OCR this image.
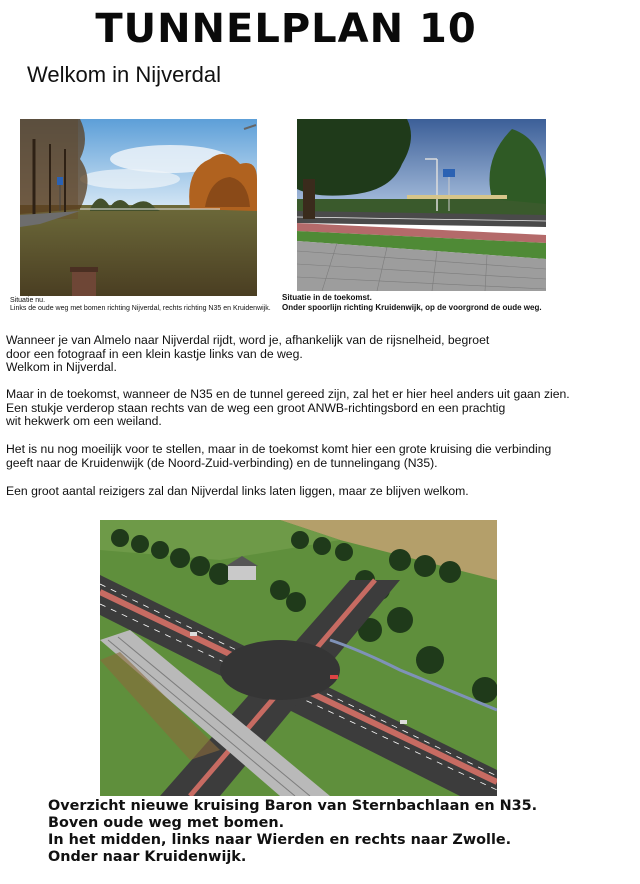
TUNNELPLAN 10
Welkom in Nijverdal
Situatie nu.
Links de oude weg met bomen richting Nijverdal, rechts richting N35 en Kruidenwijk.
Situatie in de toekomst.
Onder spoorlijn richting Kruidenwijk, op de voorgrond de oude weg.
Wanneer je van Almelo naar Nijverdal rijdt, word je, afhankelijk van de rijsnelheid, begroet
door een fotograaf in een klein kastje links van de weg.
Welkom in Nijverdal.
Maar in de toekomst, wanneer de N35 en de tunnel gereed zijn, zal het er hier heel anders uit gaan zien.
Een stukje verderop staan rechts van de weg een groot ANWB-richtingsbord en een prachtig
wit hekwerk om een weiland.
Het is nu nog moeilijk voor te stellen, maar in de toekomst komt hier een grote kruising die verbinding
geeft naar de Kruidenwijk (de Noord-Zuid-verbinding) en de tunnelingang (N35).
Een groot aantal reizigers zal dan Nijverdal links laten liggen, maar ze blijven welkom.
Overzicht nieuwe kruising Baron van Sternbachlaan en N35.
Boven oude weg met bomen.
In het midden, links naar Wierden en rechts naar Zwolle.
Onder naar Kruidenwijk.
